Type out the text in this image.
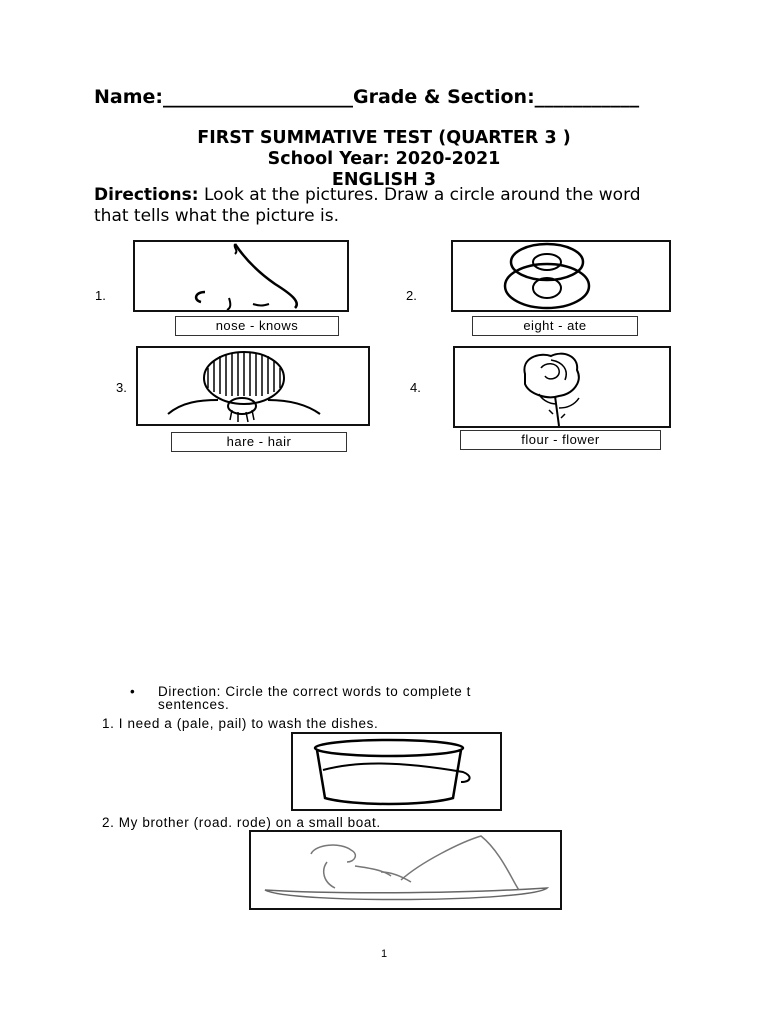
Name:____________________Grade & Section:___________
FIRST SUMMATIVE TEST (QUARTER 3 )
School Year: 2020-2021
ENGLISH 3
Directions: Look at the pictures. Draw a circle around the word that tells what the picture is.
1.
nose - knows
2.
eight - ate
3.
hare - hair
4.
flour - flower
• Direction: Circle the correct words to complete t
sentences.
1. I need a (pale, pail) to wash the dishes.
2. My brother (road. rode) on a small boat.
1
